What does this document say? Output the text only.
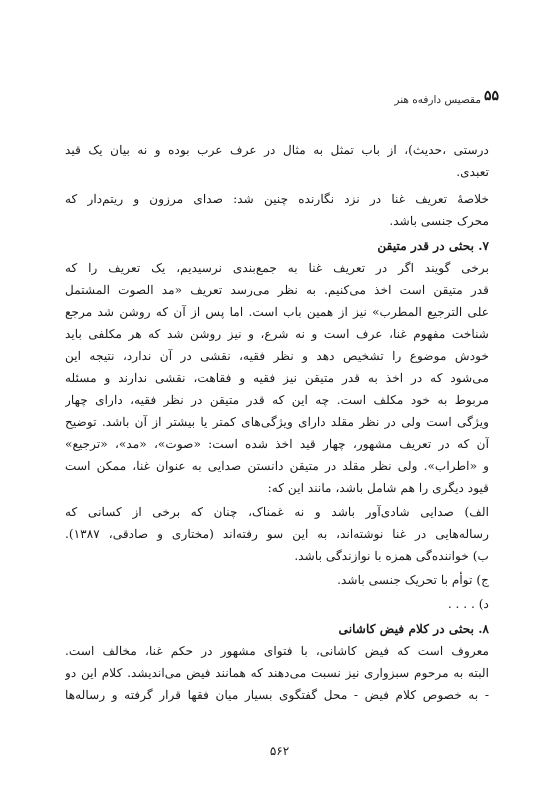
۵۵
مقصیس دارفه‌ه هنر
درستی ،حدیث)، از باب تمثل به مثال در عرف عرب بوده و نه بیان یک قید
تعبدی.
خلاصهٔ تعریف غنا در نزد نگارنده چنین شد: صدای مرزون و ریتم‌دار که
محرک جنسی باشد.
۷. بحثی در قدر متیقن
برخی گویند اگر در تعریف غنا به جمع‌بندی نرسیدیم، یک تعریف را که
قدر متیقن است اخذ می‌کنیم. به نظر می‌رسد تعریف «مد الصوت المشتمل
علی الترجیع المطرب» نیز از همین باب است. اما پس از آن که روشن شد مرجع
شناخت مفهوم غنا، عرف است و نه شرع، و نیز روشن شد که هر مکلفی باید
خودش موضوع را تشخیص دهد و نظر فقیه، نقشی در آن ندارد، نتیجه این
می‌شود که در اخذ به قدر متیقن نیز فقیه و فقاهت، نقشی ندارند و مسئله
مربوط به خود مکلف است. چه این که قدر متیقن در نظر فقیه، دارای چهار
ویژگی است ولی در نظر مقلد دارای ویژگی‌های کمتر یا بیشتر از آن باشد. توضیح
آن که در تعریف مشهور، چهار قید اخذ شده است: «صوت»، «مد»، «ترجیع»
و «اطراب». ولی نظر مقلد در متیقن دانستن صدایی به عنوان غنا، ممکن است
قیود دیگری را هم شامل باشد، مانند این که:
الف) صدایی شادی‌آور باشد و نه غمناک، چنان که برخی از کسانی که
رساله‌هایی در غنا نوشته‌اند، به این سو رفته‌اند (مختاری و صادقی، ۱۳۸۷).
ب) خواننده‌گی همزه با نوازندگی باشد.
ج) توأم با تحریک جنسی باشد.
د) . . . .
۸. بحثی در کلام فیض کاشانی
معروف است که فیض کاشانی، با فتوای مشهور در حکم غنا، مخالف است.
البته به مرحوم سبزواری نیز نسبت می‌دهند که همانند فیض می‌اندیشد. کلام این دو
- به خصوص کلام فیض - محل گفتگوی بسیار میان فقها قرار گرفته و رساله‌ها
۵۶۲
